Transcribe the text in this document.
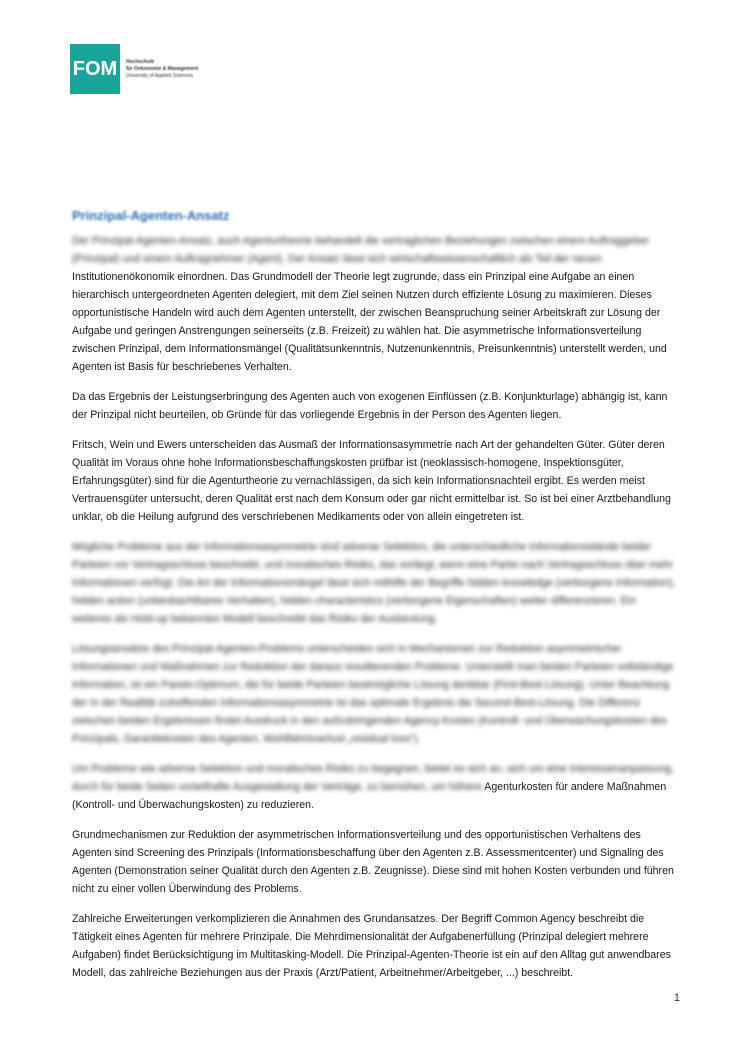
FOM	Hochschule
für Oekonomie & Management
University of Applied Sciences
Prinzipal-Agenten-Ansatz

Der Prinzipal-Agenten-Ansatz, auch Agenturtheorie behandelt die vertraglichen Beziehungen zwischen einem Auftraggeber (Prinzipal) und einem Auftragnehmer (Agent). Der Ansatz lässt sich wirtschaftswissenschaftlich als Teil der neuen Institutionenökonomik einordnen. Das Grundmodell der Theorie legt zugrunde, dass ein Prinzipal eine Aufgabe an einen hierarchisch untergeordneten Agenten delegiert, mit dem Ziel seinen Nutzen durch effiziente Lösung zu maximieren. Dieses opportunistische Handeln wird auch dem Agenten unterstellt, der zwischen Beanspruchung seiner Arbeitskraft zur Lösung der Aufgabe und geringen Anstrengungen seinerseits (z.B. Freizeit) zu wählen hat. Die asymmetrische Informationsverteilung zwischen Prinzipal, dem Informationsmängel (Qualitätsunkenntnis, Nutzenunkenntnis, Preisunkenntnis) unterstellt werden, und Agenten ist Basis für beschriebenes Verhalten.

Da das Ergebnis der Leistungserbringung des Agenten auch von exogenen Einflüssen (z.B. Konjunkturlage) abhängig ist, kann der Prinzipal nicht beurteilen, ob Gründe für das vorliegende Ergebnis in der Person des Agenten liegen.

Fritsch, Wein und Ewers unterscheiden das Ausmaß der Informationsasymmetrie nach Art der gehandelten Güter. Güter deren Qualität im Voraus ohne hohe Informationsbeschaffungskosten prüfbar ist (neoklassisch-homogene, Inspektionsgüter, Erfahrungsgüter) sind für die Agenturtheorie zu vernachlässigen, da sich kein Informationsnachteil ergibt. Es werden meist Vertrauensgüter untersucht, deren Qualität erst nach dem Konsum oder gar nicht ermittelbar ist. So ist bei einer Arztbehandlung unklar, ob die Heilung aufgrund des verschriebenen Medikaments oder von allein eingetreten ist.

Mögliche Probleme aus der Informationsasymmetrie sind adverse Selektion, die unterschiedliche Informationsstände beider Parteien vor Vertragsschluss beschreibt, und moralisches Risiko, das vorliegt, wenn eine Partei nach Vertragsschluss über mehr Informationen verfügt. Die Art der Informationsmängel lässt sich mithilfe der Begriffe hidden knowledge (verborgene Information), hidden action (unbeobachtbares Verhalten), hidden characteristics (verborgene Eigenschaften) weiter differenzieren. Ein weiteres als Hold-up bekanntes Modell beschreibt das Risiko der Ausbeutung.

Lösungsansätze des Prinzipal-Agenten-Problems unterscheiden sich in Mechanismen zur Reduktion asymmetrischer Informationen und Maßnahmen zur Reduktion der daraus resultierenden Probleme. Unterstellt man beiden Parteien vollständige Information, ist ein Pareto-Optimum, die für beide Parteien bestmögliche Lösung denkbar (First-Best-Lösung). Unter Beachtung der in der Realität zutreffenden Informationsasymmetrie ist das optimale Ergebnis die Second-Best-Lösung. Die Differenz zwischen beiden Ergebnissen findet Ausdruck in den aufzubringenden Agency-Kosten (Kontroll- und Überwachungskosten des Prinzipals, Garantiekosten des Agenten, Wohlfahrtsverlust „residual loss“).

Um Probleme wie adverse Selektion und moralisches Risiko zu begegnen, bietet es sich an, sich um eine Interessenanpassung, durch für beide Seiten vorteilhafte Ausgestaltung der Verträge, zu bemühen, um höhere Agenturkosten für andere Maßnahmen (Kontroll- und Überwachungskosten) zu reduzieren.

Grundmechanismen zur Reduktion der asymmetrischen Informationsverteilung und des opportunistischen Verhaltens des Agenten sind Screening des Prinzipals (Informationsbeschaffung über den Agenten z.B. Assessmentcenter) und Signaling des Agenten (Demonstration seiner Qualität durch den Agenten z.B. Zeugnisse). Diese sind mit hohen Kosten verbunden und führen nicht zu einer vollen Überwindung des Problems.

Zahlreiche Erweiterungen verkomplizieren die Annahmen des Grundansatzes. Der Begriff Common Agency beschreibt die Tätigkeit eines Agenten für mehrere Prinzipale. Die Mehrdimensionalität der Aufgabenerfüllung (Prinzipal delegiert mehrere Aufgaben) findet Berücksichtigung im Multitasking-Modell. Die Prinzipal-Agenten-Theorie ist ein auf den Alltag gut anwendbares Modell, das zahlreiche Beziehungen aus der Praxis (Arzt/Patient, Arbeitnehmer/Arbeitgeber, ...) beschreibt.

1
